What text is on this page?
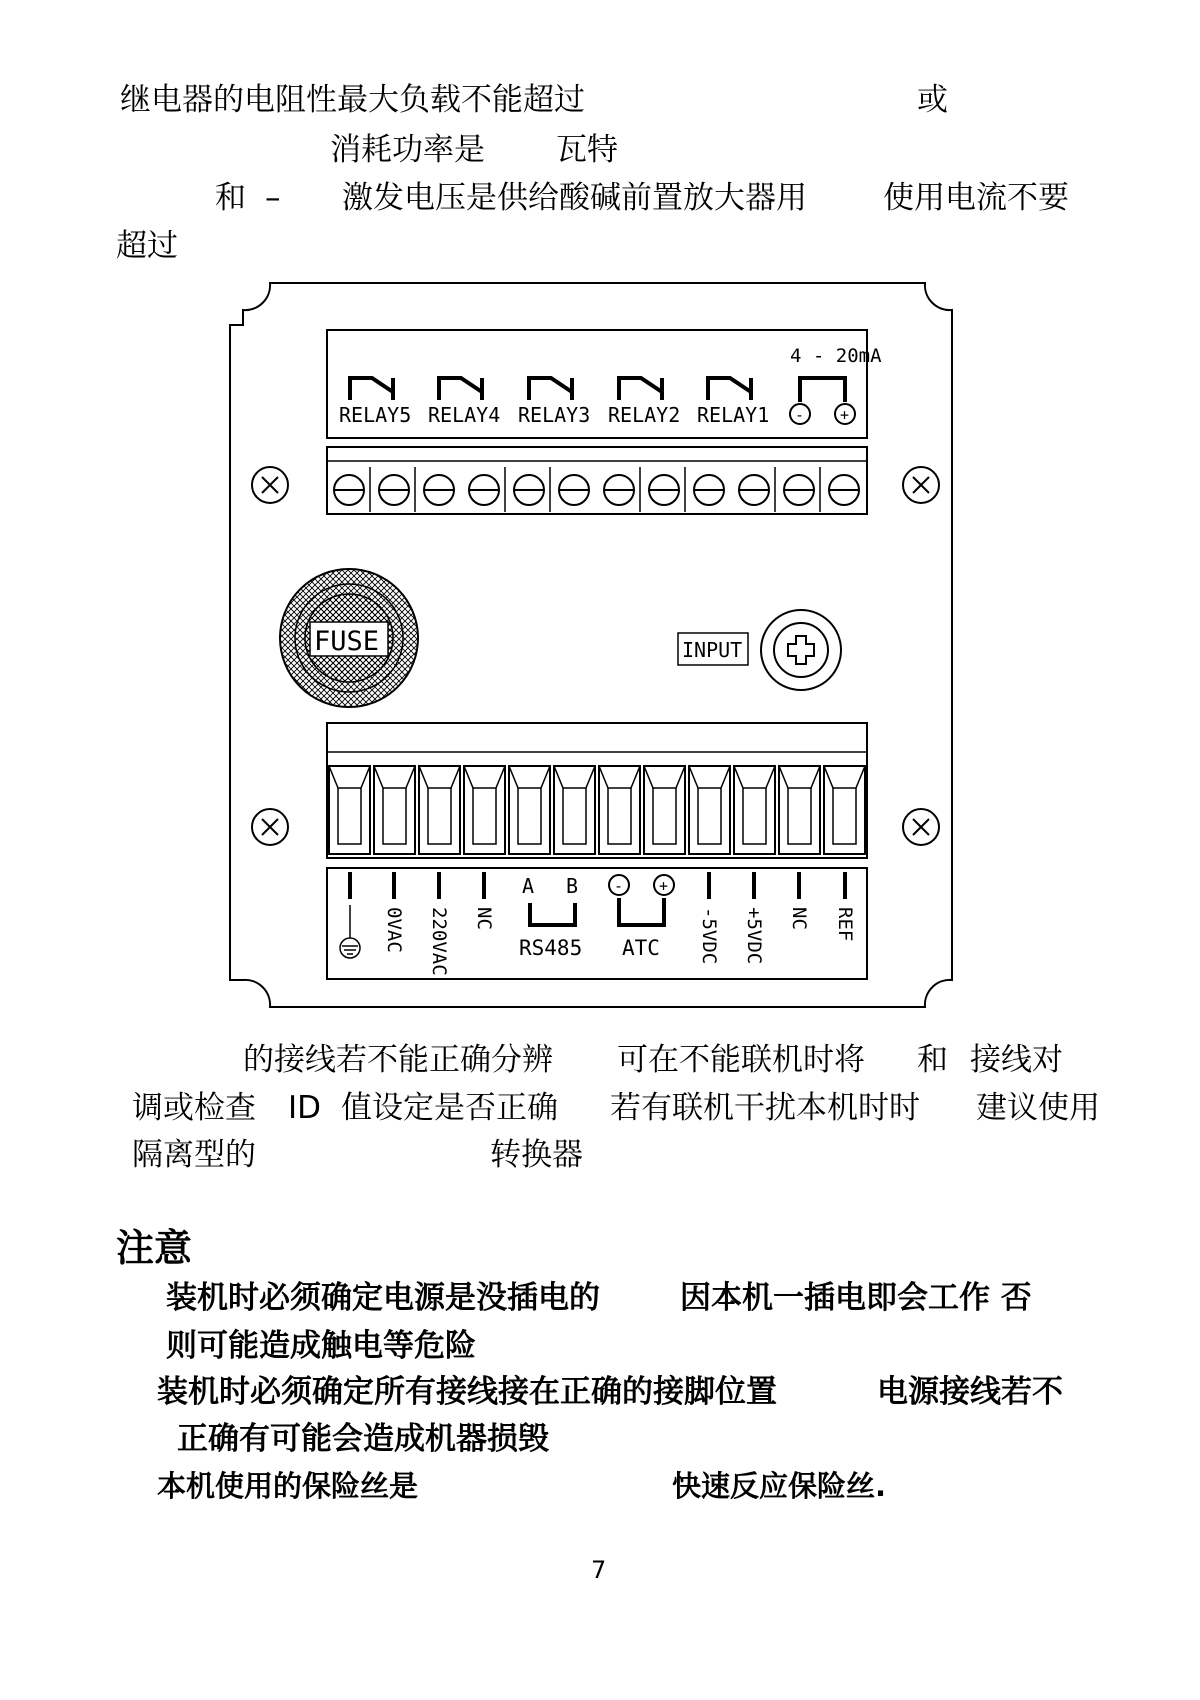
继电器的电阻性最大负载不能超过	或
消耗功率是 瓦特
和 – 激发电压是供给酸碱前置放大器用 使用电流不要
超过
4 - 20mA
RELAY5 RELAY4 RELAY3 RELAY2 RELAY1 - +
FUSE	INPUT
0VAC 220VAC NC	-5VDC +5VDC NC REF
A B
RS485
- +
ATC
的接线若不能正确分辨 可在不能联机时将 和 接线对
调或检查 ID 值设定是否正确 若有联机干扰本机时时 建议使用
隔离型的	转换器
注意
装机时必须确定电源是没插电的	因本机一插电即会工作 否
则可能造成触电等危险
装机时必须确定所有接线接在正确的接脚位置	电源接线若不
正确有可能会造成机器损毁
本机使用的保险丝是	快速反应保险丝.
7
